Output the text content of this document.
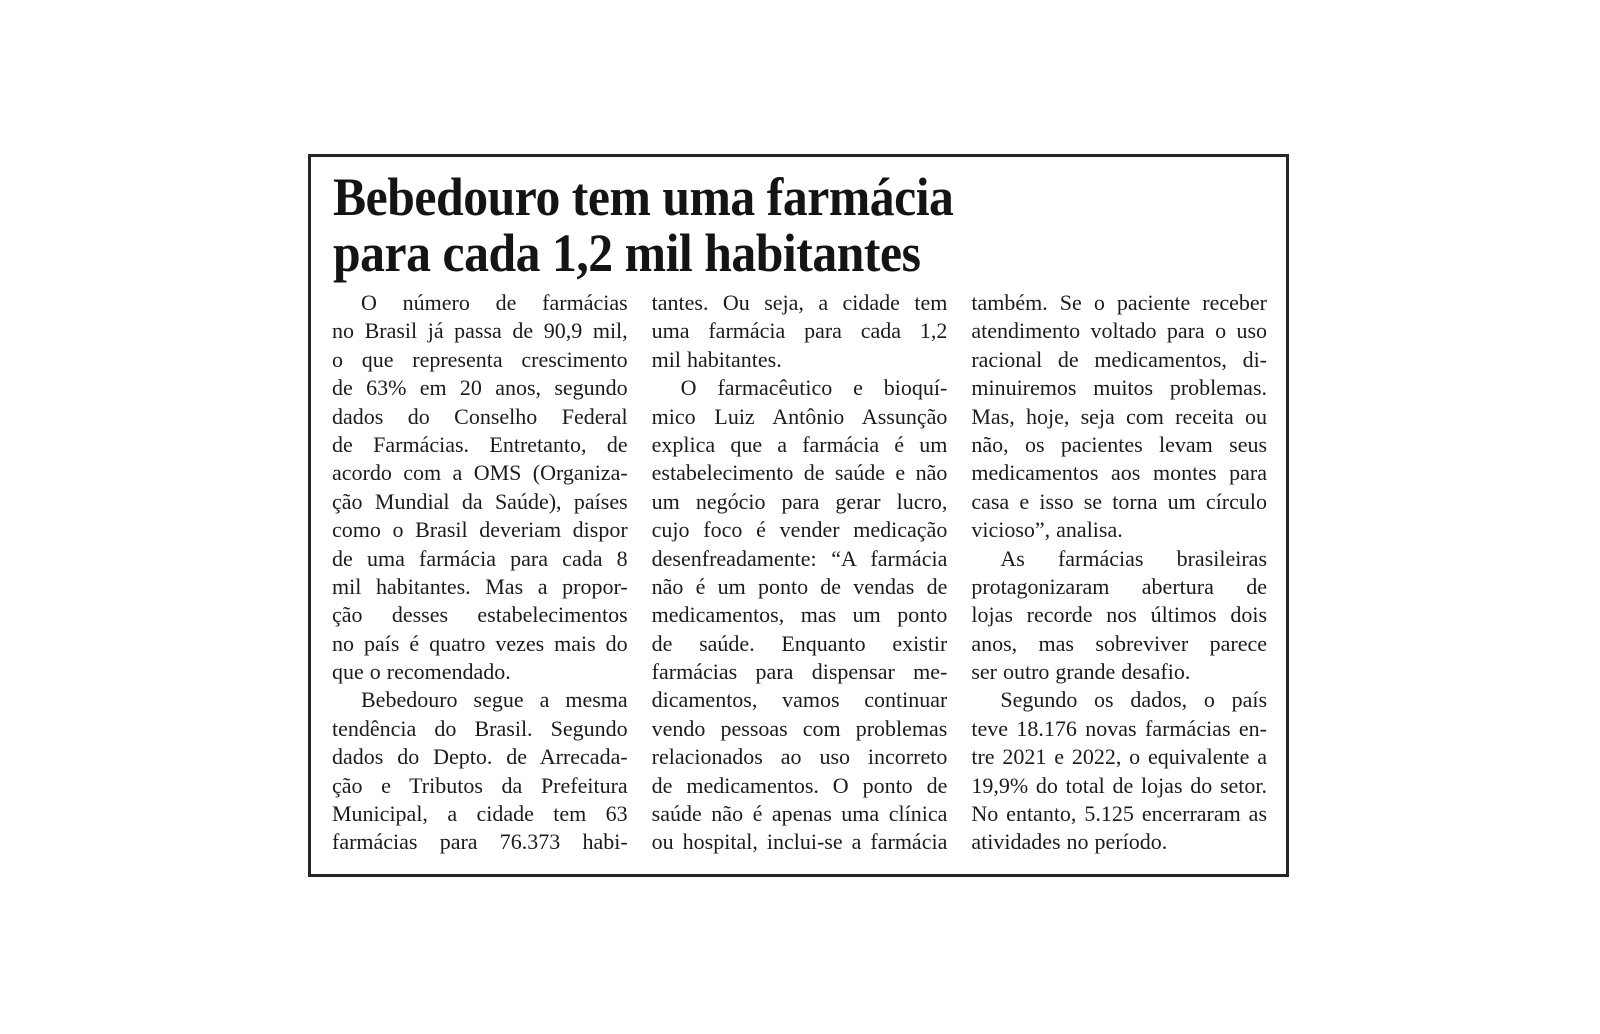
Bebedouro tem uma farmácia
para cada 1,2 mil habitantes
O número de farmácias
no Brasil já passa de 90,9 mil,
o que representa crescimento
de 63% em 20 anos, segundo
dados do Conselho Federal
de Farmácias. Entretanto, de
acordo com a OMS (Organiza-
ção Mundial da Saúde), países
como o Brasil deveriam dispor
de uma farmácia para cada 8
mil habitantes. Mas a propor-
ção desses estabelecimentos
no país é quatro vezes mais do
que o recomendado.
Bebedouro segue a mesma
tendência do Brasil. Segundo
dados do Depto. de Arrecada-
ção e Tributos da Prefeitura
Municipal, a cidade tem 63
farmácias para 76.373 habi-
tantes. Ou seja, a cidade tem
uma farmácia para cada 1,2
mil habitantes.
O farmacêutico e bioquí-
mico Luiz Antônio Assunção
explica que a farmácia é um
estabelecimento de saúde e não
um negócio para gerar lucro,
cujo foco é vender medicação
desenfreadamente: “A farmácia
não é um ponto de vendas de
medicamentos, mas um ponto
de saúde. Enquanto existir
farmácias para dispensar me-
dicamentos, vamos continuar
vendo pessoas com problemas
relacionados ao uso incorreto
de medicamentos. O ponto de
saúde não é apenas uma clínica
ou hospital, inclui-se a farmácia
também. Se o paciente receber
atendimento voltado para o uso
racional de medicamentos, di-
minuiremos muitos problemas.
Mas, hoje, seja com receita ou
não, os pacientes levam seus
medicamentos aos montes para
casa e isso se torna um círculo
vicioso”, analisa.
As farmácias brasileiras
protagonizaram abertura de
lojas recorde nos últimos dois
anos, mas sobreviver parece
ser outro grande desafio.
Segundo os dados, o país
teve 18.176 novas farmácias en-
tre 2021 e 2022, o equivalente a
19,9% do total de lojas do setor.
No entanto, 5.125 encerraram as
atividades no período.
